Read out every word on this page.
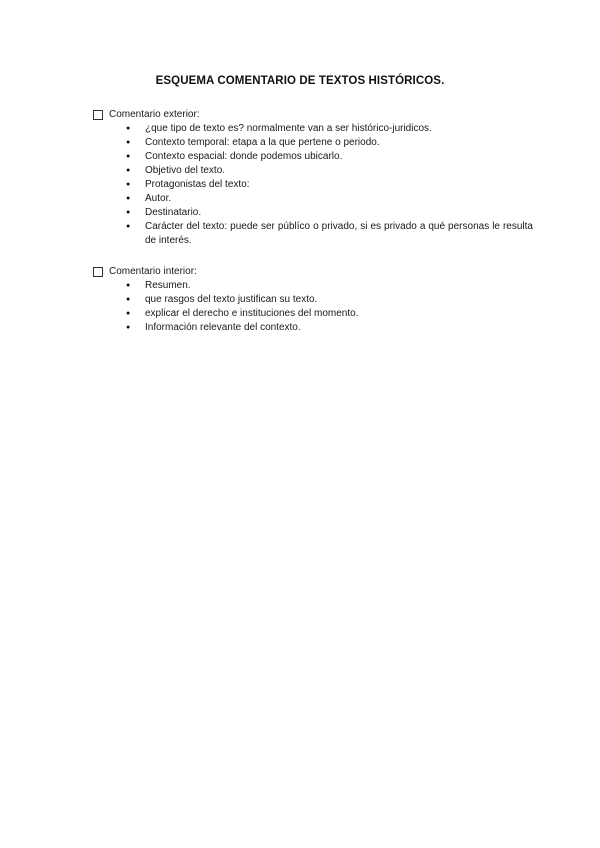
ESQUEMA COMENTARIO DE TEXTOS HISTÓRICOS.
Comentario exterior:
● ¿que tipo de texto es? normalmente van a ser histórico-juridicos.
● Contexto temporal: etapa a la que pertene o periodo.
● Contexto espacial: donde podemos ubicarlo.
● Objetivo del texto.
● Protagonistas del texto:
● Autor.
● Destinatario.
● Carácter del texto: puede ser públíco o privado, si es privado a qué personas le resulta de interés.
Comentario interior:
● Resumen.
● que rasgos del texto justifican su texto.
● explicar el derecho e instituciones del momento.
● Información relevante del contexto.
